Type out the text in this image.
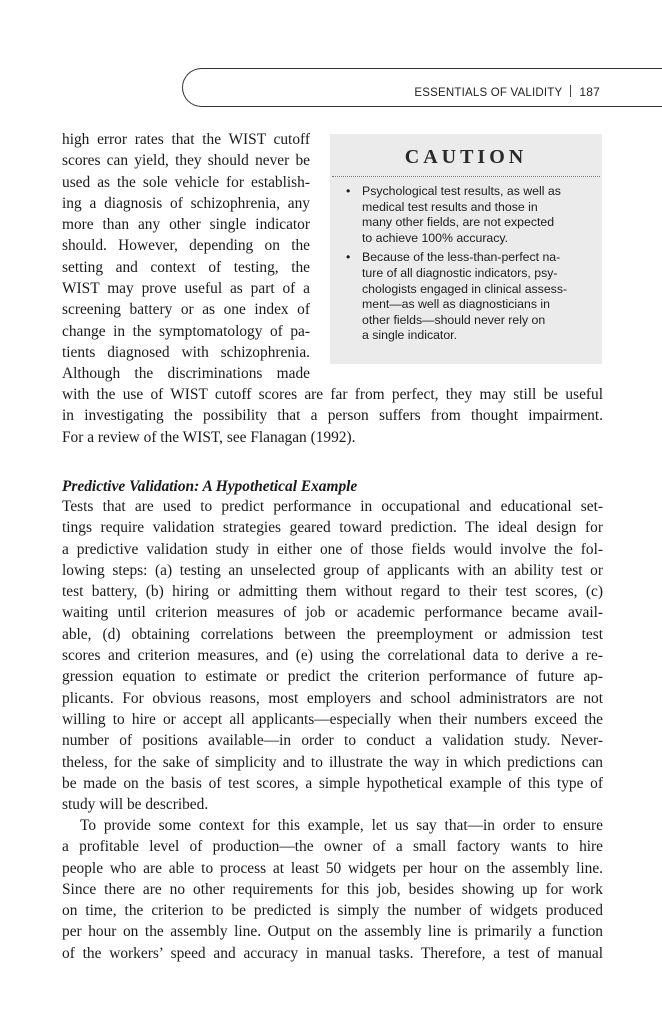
ESSENTIALS OF VALIDITY 187
CAUTION
• Psychological test results, as well as
medical test results and those in
many other fields, are not expected
to achieve 100% accuracy.
• Because of the less-than-perfect na-
ture of all diagnostic indicators, psy-
chologists engaged in clinical assess-
ment—as well as diagnosticians in
other fields—should never rely on
a single indicator.
high error rates that the WIST cutoff
scores can yield, they should never be
used as the sole vehicle for establish-
ing a diagnosis of schizophrenia, any
more than any other single indicator
should. However, depending on the
setting and context of testing, the
WIST may prove useful as part of a
screening battery or as one index of
change in the symptomatology of pa-
tients diagnosed with schizophrenia.
Although the discriminations made
with the use of WIST cutoff scores are far from perfect, they may still be useful
in investigating the possibility that a person suffers from thought impairment.
For a review of the WIST, see Flanagan (1992).
Predictive Validation: A Hypothetical Example
Tests that are used to predict performance in occupational and educational set-
tings require validation strategies geared toward prediction. The ideal design for
a predictive validation study in either one of those fields would involve the fol-
lowing steps: (a) testing an unselected group of applicants with an ability test or
test battery, (b) hiring or admitting them without regard to their test scores, (c)
waiting until criterion measures of job or academic performance became avail-
able, (d) obtaining correlations between the preemployment or admission test
scores and criterion measures, and (e) using the correlational data to derive a re-
gression equation to estimate or predict the criterion performance of future ap-
plicants. For obvious reasons, most employers and school administrators are not
willing to hire or accept all applicants—especially when their numbers exceed the
number of positions available—in order to conduct a validation study. Never-
theless, for the sake of simplicity and to illustrate the way in which predictions can
be made on the basis of test scores, a simple hypothetical example of this type of
study will be described.
To provide some context for this example, let us say that—in order to ensure
a profitable level of production—the owner of a small factory wants to hire
people who are able to process at least 50 widgets per hour on the assembly line.
Since there are no other requirements for this job, besides showing up for work
on time, the criterion to be predicted is simply the number of widgets produced
per hour on the assembly line. Output on the assembly line is primarily a function
of the workers’ speed and accuracy in manual tasks. Therefore, a test of manual
